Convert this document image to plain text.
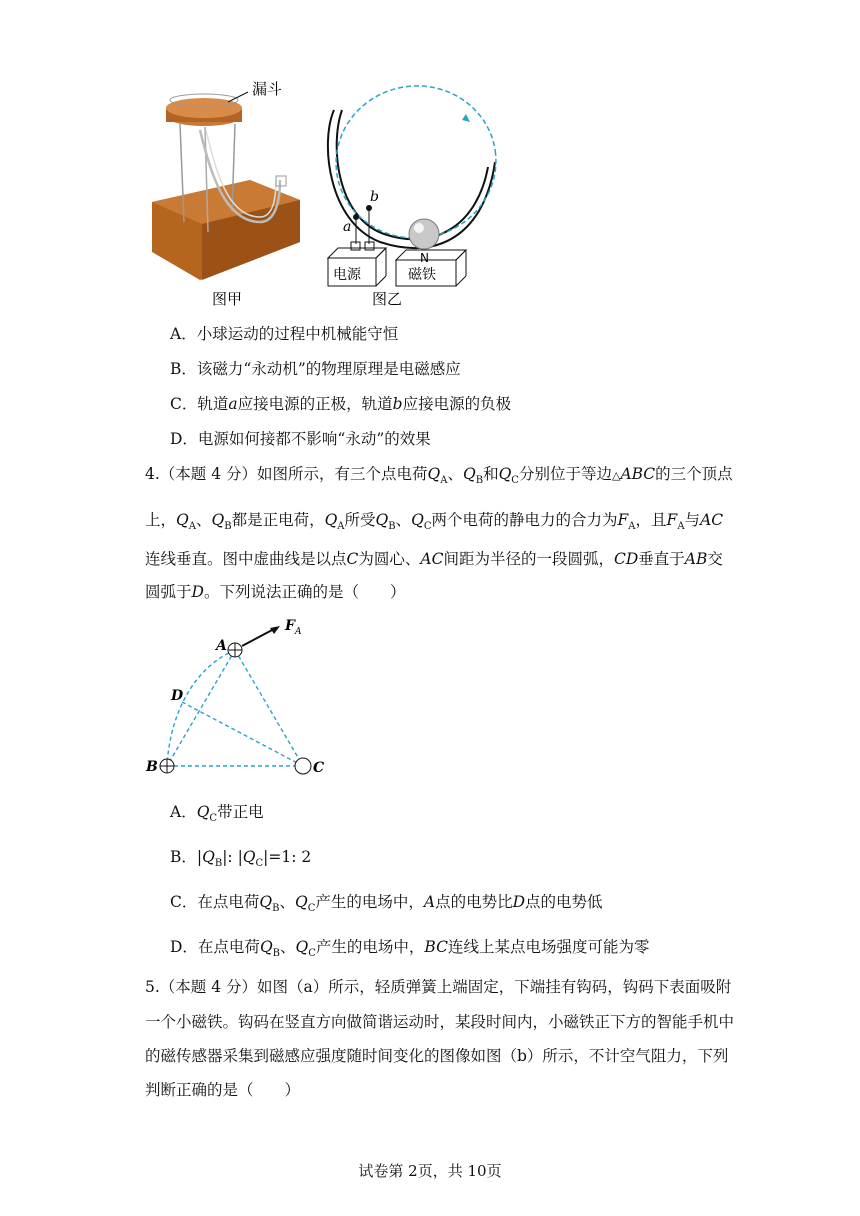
漏斗
图甲
a
b
电源
N
磁铁
图乙
A．小球运动的过程中机械能守恒
B．该磁力“永动机”的物理原理是电磁感应
C．轨道a应接电源的正极，轨道b应接电源的负极
D．电源如何接都不影响“永动”的效果
4.（本题 4 分）如图所示，有三个点电荷$Q_A$、$Q_B$和$Q_C$分别位于等边△ABC的三个顶点
上，$Q_A$、$Q_B$都是正电荷，$Q_A$所受$Q_B$、$Q_C$两个电荷的静电力的合力为$F_A$，且$F_A$与AC
连线垂直。图中虚曲线是以点C为圆心、AC间距为半径的一段圆弧，CD垂直于AB交
圆弧于D。下列说法正确的是（　　）
A
B	C
D
F A
A．$Q_C$带正电
B．$|Q_B|$: $|Q_C|=1$: 2
C．在点电荷$Q_B$、$Q_C$产生的电场中，A点的电势比D点的电势低
D．在点电荷$Q_B$、$Q_C$产生的电场中，BC连线上某点电场强度可能为零
5.（本题 4 分）如图（a）所示，轻质弹簧上端固定，下端挂有钩码，钩码下表面吸附
一个小磁铁。钩码在竖直方向做简谐运动时，某段时间内，小磁铁正下方的智能手机中
的磁传感器采集到磁感应强度随时间变化的图像如图（b）所示，不计空气阻力，下列
判断正确的是（　　）
试卷第 2页，共 10页
